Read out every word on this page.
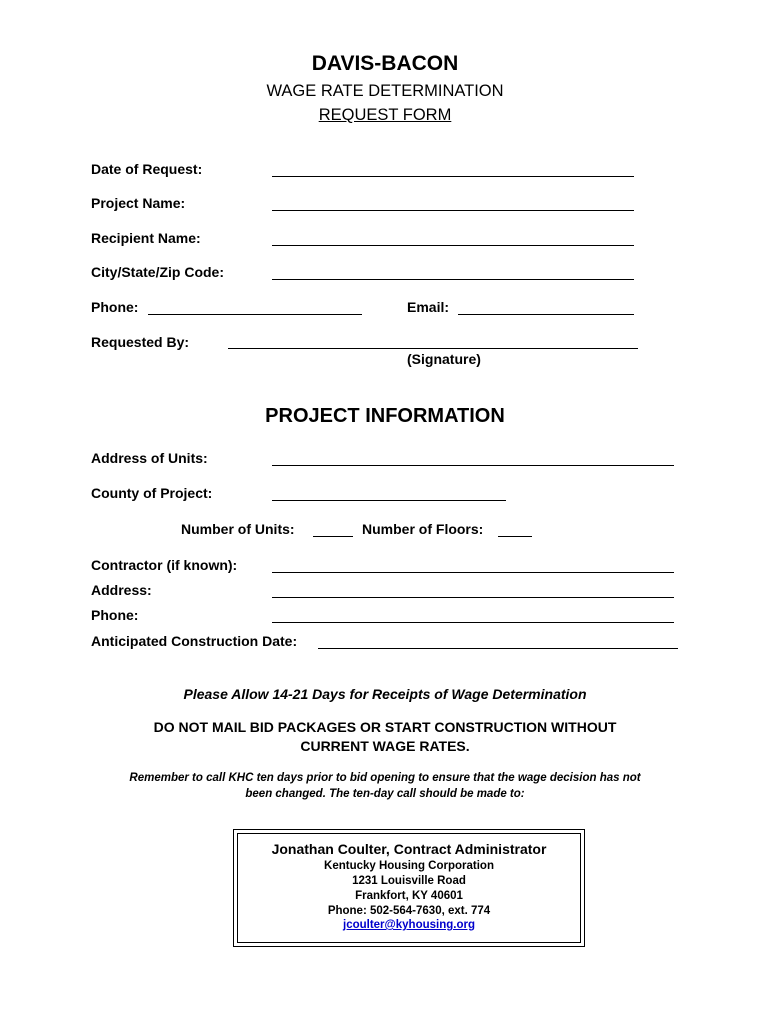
DAVIS-BACON
WAGE RATE DETERMINATION
REQUEST FORM
Date of Request:
Project Name:
Recipient Name:
City/State/Zip Code:
Phone:	Email:
Requested By:
(Signature)
PROJECT INFORMATION
Address of Units:
County of Project:
Number of Units:	Number of Floors:
Contractor (if known):
Address:
Phone:
Anticipated Construction Date:
Please Allow 14-21 Days for Receipts of Wage Determination
DO NOT MAIL BID PACKAGES OR START CONSTRUCTION WITHOUT
CURRENT WAGE RATES.
Remember to call KHC ten days prior to bid opening to ensure that the wage decision has not
been changed. The ten-day call should be made to:
Jonathan Coulter, Contract Administrator
Kentucky Housing Corporation
1231 Louisville Road
Frankfort, KY 40601
Phone: 502-564-7630, ext. 774
jcoulter@kyhousing.org
